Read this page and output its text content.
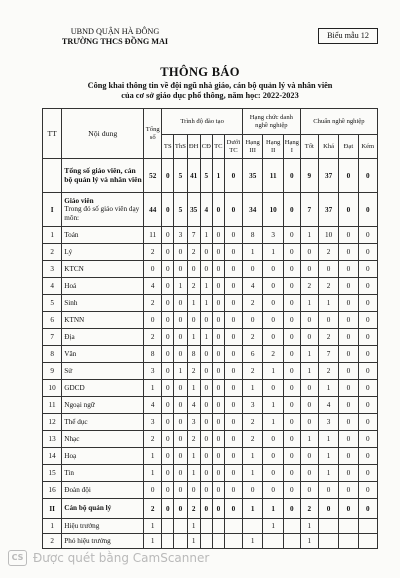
UBND QUẬN HÀ ĐÔNG
TRƯỜNG THCS ĐỒNG MAI
Biểu mẫu 12
THÔNG BÁO
Công khai thông tin về đội ngũ nhà giáo, cán bộ quản lý và nhân viên
của cơ sở giáo dục phổ thông, năm học: 2022-2023
TT	Nội dung	Tổng số	Trình độ đào tạo						Hạng chức danh nghề nghiệp			Chuẩn nghề nghiệp			
			TS	ThS	ĐH	CĐ	TC	Dưới TC	Hạng III	Hạng II	Hạng I	Tốt	Khá	Đạt	Kém
	Tổng số giáo viên, cán bộ quản lý và nhân viên	52	0	5	41	5	1	0	35	11	0	9	37	0	0
I	Giáo viên
Trong đó số giáo viên dạy môn:	44	0	5	35	4	0	0	34	10	0	7	37	0	0
1	Toán	11	0	3	7	1	0	0	8	3	0	1	10	0	0
2	Lý	2	0	0	2	0	0	0	1	1	0	0	2	0	0
3	KTCN	0	0	0	0	0	0	0	0	0	0	0	0	0	0
4	Hoá	4	0	1	2	1	0	0	4	0	0	2	2	0	0
5	Sinh	2	0	0	1	1	0	0	2	0	0	1	1	0	0
6	KTNN	0	0	0	0	0	0	0	0	0	0	0	0	0	0
7	Địa	2	0	0	1	1	0	0	2	0	0	0	2	0	0
8	Văn	8	0	0	8	0	0	0	6	2	0	1	7	0	0
9	Sử	3	0	1	2	0	0	0	2	1	0	1	2	0	0
10	GDCD	1	0	0	1	0	0	0	1	0	0	0	1	0	0
11	Ngoại ngữ	4	0	0	4	0	0	0	3	1	0	0	4	0	0
12	Thể dục	3	0	0	3	0	0	0	2	1	0	0	3	0	0
13	Nhạc	2	0	0	2	0	0	0	2	0	0	1	1	0	0
14	Hoạ	1	0	0	1	0	0	0	1	0	0	0	1	0	0
15	Tin	1	0	0	1	0	0	0	1	0	0	0	1	0	0
16	Đoàn đội	0	0	0	0	0	0	0	0	0	0	0	0	0	0
II	Cán bộ quản lý	2	0	0	2	0	0	0	1	1	0	2	0	0	0
1	Hiệu trưởng	1			1					1		1			
2	Phó hiệu trưởng	1			1				1			1			
CS Được quét bằng CamScanner
